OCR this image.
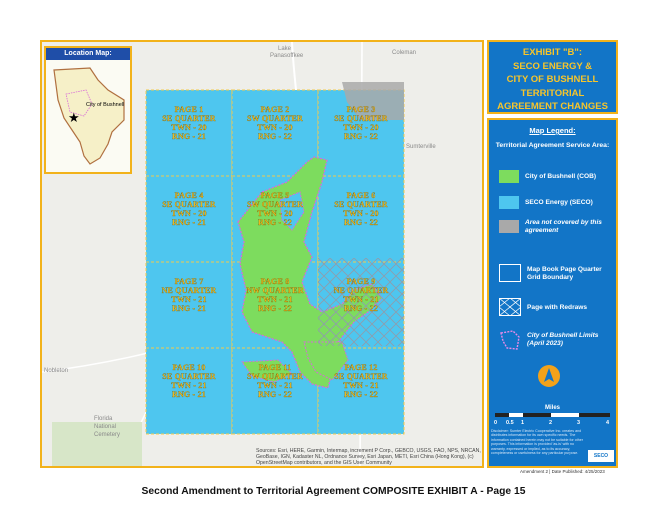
PAGE 1
SE QUARTER
TWN - 20
RNG - 21
PAGE 2
SW QUARTER
TWN - 20
RNG - 22
PAGE 3
SE QUARTER
TWN - 20
RNG - 22
PAGE 4
SE QUARTER
TWN - 20
RNG - 21
PAGE 5
SW QUARTER
TWN - 20
RNG - 22
PAGE 6
SE QUARTER
TWN - 20
RNG - 22
PAGE 7
NE QUARTER
TWN - 21
RNG - 21
PAGE 8
NW QUARTER
TWN - 21
RNG - 22
PAGE 9
NE QUARTER
TWN - 21
RNG - 22
PAGE 10
SE QUARTER
TWN - 21
RNG - 21
PAGE 11
SW QUARTER
TWN - 21
RNG - 22
PAGE 12
SE QUARTER
TWN - 21
RNG - 22
Lake
Panasoffkee	Coleman
Sumterville
Nobleton
Florida
National
Cemetery
Sources: Esri, HERE, Garmin, Intermap, increment P Corp., GEBCO, USGS, FAO, NPS, NRCAN, GeoBase, IGN, Kadaster NL, Ordnance Survey, Esri Japan, METI, Esri China (Hong Kong), (c) OpenStreetMap contributors, and the GIS User Community
Location Map:
★
City of Bushnell
EXHIBIT "B":
SECO ENERGY &
CITY OF BUSHNELL
TERRITORIAL
AGREEMENT CHANGES
Map Legend:
Territorial Agreement Service Area:
City of Bushnell (COB)
SECO Energy (SECO)
Area not covered by this agreement
Map Book Page Quarter Grid Boundary
Page with Redraws
City of Bushnell Limits (April 2023)
Miles
0 0.5 1	2	3	4
Disclaimer: Sumter Electric Cooperative Inc. creates and distributes information for its own specific needs. The information contained herein may not be suitable for other purposes. This information is provided 'as-is' with no warranty, expressed or implied, as to its accuracy, completeness or usefulness for any particular purpose.	SECO
Amendment 2 | Date Published: 4/25/2023
Second Amendment to Territorial Agreement COMPOSITE EXHIBIT A - Page 15
